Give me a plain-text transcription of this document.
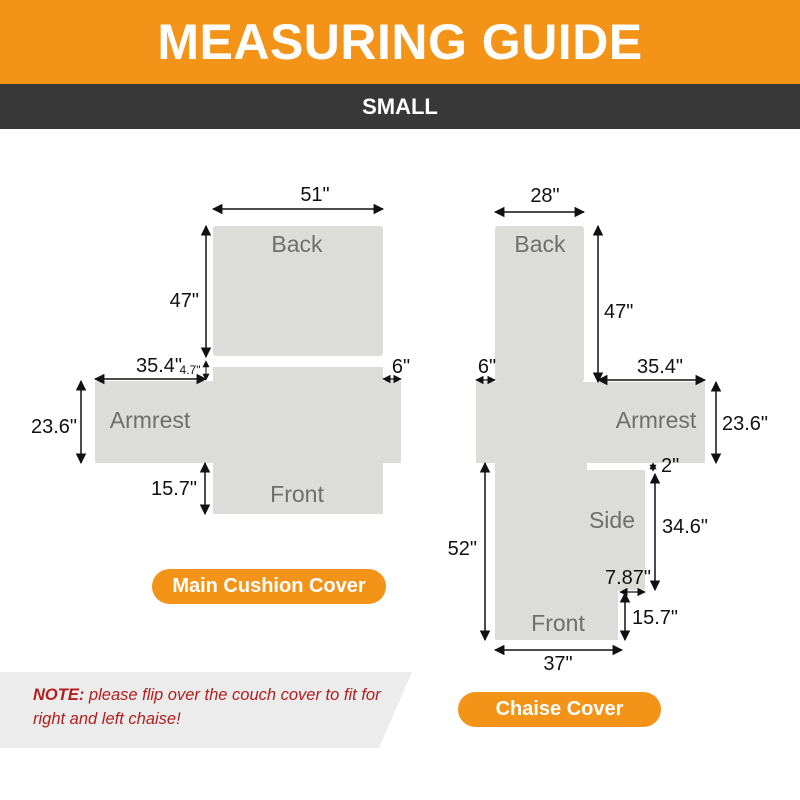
MEASURING GUIDE
SMALL
Back
Armrest
Front
51"
47"
35.4"
4.7"	6"
23.6"
15.7"
Back
Armrest
Side
Front
28"
47"
6"	35.4"
23.6"
2"
34.6"
7.87"
15.7"
52"
37"
Main Cushion Cover
Chaise Cover
NOTE: please flip over the couch cover to fit for right and left chaise!
